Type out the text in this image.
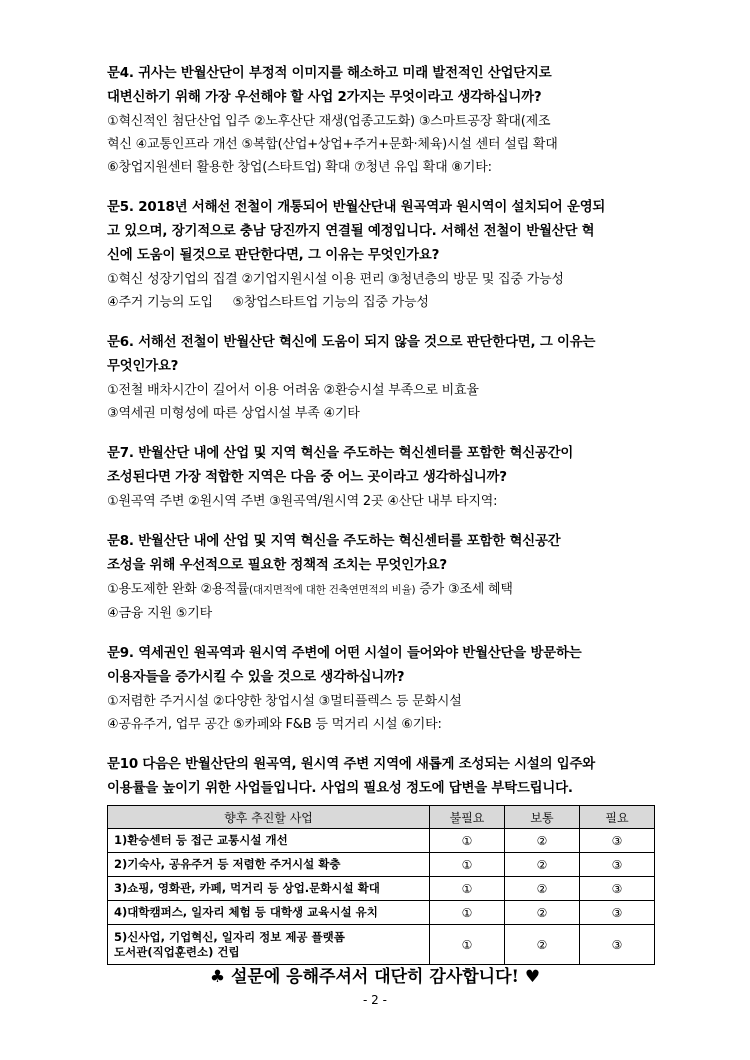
문4. 귀사는 반월산단이 부정적 이미지를 해소하고 미래 발전적인 산업단지로
대변신하기 위해 가장 우선해야 할 사업 2가지는 무엇이라고 생각하십니까?
①혁신적인 첨단산업 입주 ②노후산단 재생(업종고도화) ③스마트공장 확대(제조
혁신 ④교통인프라 개선 ⑤복합(산업+상업+주거+문화·체육)시설 센터 설립 확대
⑥창업지원센터 활용한 창업(스타트업) 확대 ⑦청년 유입 확대 ⑧기타:
문5. 2018년 서해선 전철이 개통되어 반월산단내 원곡역과 원시역이 설치되어 운영되
고 있으며, 장기적으로 충남 당진까지 연결될 예정입니다. 서해선 전철이 반월산단 혁
신에 도움이 될것으로 판단한다면, 그 이유는 무엇인가요?
①혁신 성장기업의 집결 ②기업지원시설 이용 편리 ③청년층의 방문 및 집중 가능성
④주거 기능의 도입     ⑤창업스타트업 기능의 집중 가능성
문6. 서해선 전철이 반월산단 혁신에 도움이 되지 않을 것으로 판단한다면, 그 이유는
무엇인가요?
①전철 배차시간이 길어서 이용 어려움 ②환승시설 부족으로 비효율
③역세권 미형성에 따른 상업시설 부족 ④기타
문7. 반월산단 내에 산업 및 지역 혁신을 주도하는 혁신센터를 포함한 혁신공간이
조성된다면 가장 적합한 지역은 다음 중 어느 곳이라고 생각하십니까?
①원곡역 주변 ②원시역 주변 ③원곡역/원시역 2곳 ④산단 내부 타지역:
문8. 반월산단 내에 산업 및 지역 혁신을 주도하는 혁신센터를 포함한 혁신공간
조성을 위해 우선적으로 필요한 정책적 조치는 무엇인가요?
①용도제한 완화 ②용적률(대지면적에 대한 건축연면적의 비율) 증가 ③조세 혜택
④금융 지원 ⑤기타
문9. 역세권인 원곡역과 원시역 주변에 어떤 시설이 들어와야 반월산단을 방문하는
이용자들을 증가시킬 수 있을 것으로 생각하십니까?
①저렴한 주거시설 ②다양한 창업시설 ③멀티플렉스 등 문화시설
④공유주거, 업무 공간 ⑤카페와 F&B 등 먹거리 시설 ⑥기타:
문10 다음은 반월산단의 원곡역, 원시역 주변 지역에 새롭게 조성되는 시설의 입주와
이용률을 높이기 위한 사업들입니다. 사업의 필요성 정도에 답변을 부탁드립니다.
향후 추진할 사업	불필요	보통	필요
1)환승센터 등 접근 교통시설 개선	①	②	③
2)기숙사, 공유주거 등 저렴한 주거시설 확충	①	②	③
3)쇼핑, 영화관, 카페, 먹거리 등 상업.문화시설 확대	①	②	③
4)대학캠퍼스, 일자리 체험 등 대학생 교육시설 유치	①	②	③

5)신사업, 기업혁신, 일자리 정보 제공 플랫폼
도서관(직업훈련소) 건립	①	②	③
♣ 설문에 응해주셔서 대단히 감사합니다! ♥
- 2 -
